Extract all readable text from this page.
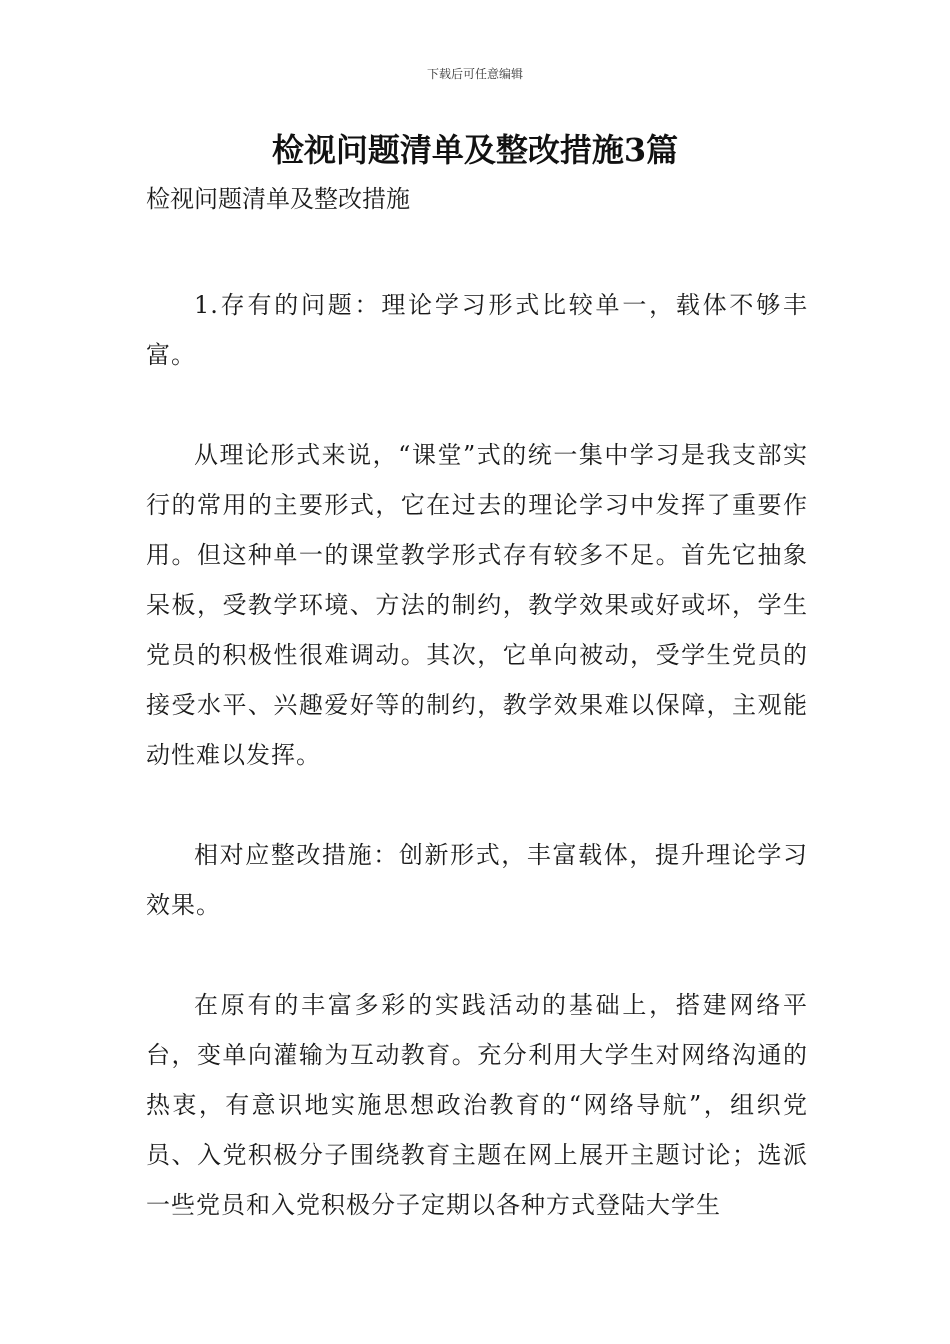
下载后可任意编辑
检视问题清单及整改措施3篇

检视问题清单及整改措施

1.存有的问题：理论学习形式比较单一，载体不够丰富。

从理论形式来说，“课堂”式的统一集中学习是我支部实行的常用的主要形式，它在过去的理论学习中发挥了重要作用。但这种单一的课堂教学形式存有较多不足。首先它抽象呆板，受教学环境、方法的制约，教学效果或好或坏，学生党员的积极性很难调动。其次，它单向被动，受学生党员的接受水平、兴趣爱好等的制约，教学效果难以保障，主观能动性难以发挥。

相对应整改措施：创新形式，丰富载体，提升理论学习效果。

在原有的丰富多彩的实践活动的基础上，搭建网络平台，变单向灌输为互动教育。充分利用大学生对网络沟通的热衷，有意识地实施思想政治教育的“网络导航”，组织党员、入党积极分子围绕教育主题在网上展开主题讨论；选派一些党员和入党积极分子定期以各种方式登陆大学生
